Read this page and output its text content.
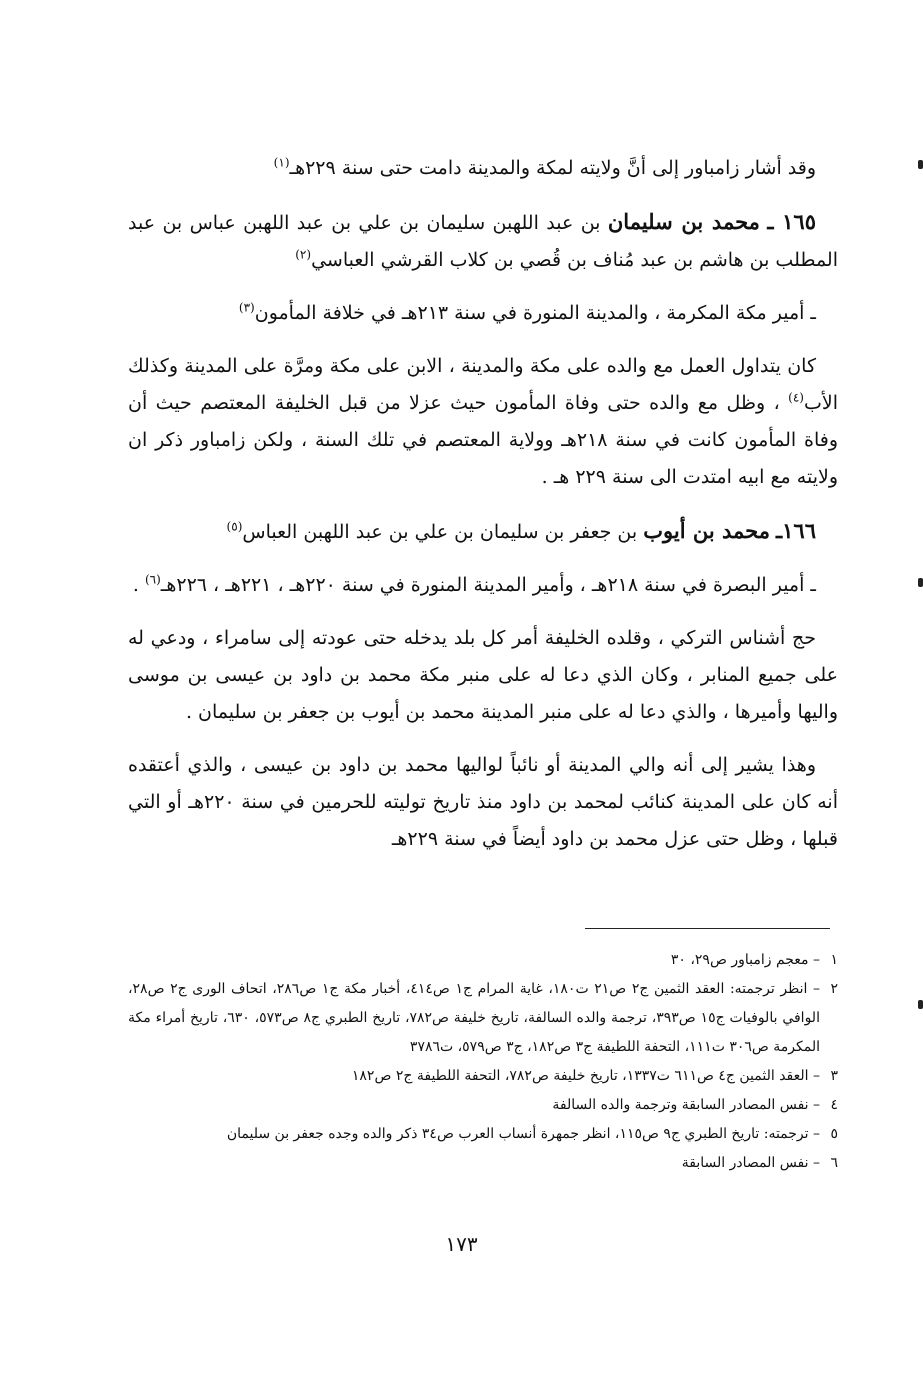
وقد أشار زامباور إلى أنَّ ولايته لمكة والمدينة دامت حتى سنة ٢٢٩هـ$^{(١)}$

١٦٥ ـ محمد بن سليمان بن عبد اللهبن سليمان بن علي بن عبد اللهبن عباس بن عبد المطلب بن هاشم بن عبد مُناف بن قُصي بن كلاب القرشي العباسي$^{(٢)}$

ـ أمير مكة المكرمة ، والمدينة المنورة في سنة ٢١٣هـ في خلافة المأمون$^{(٣)}$

كان يتداول العمل مع والده على مكة والمدينة ، الابن على مكة ومرَّة على المدينة وكذلك الأب$^{(٤)}$ ، وظل مع والده حتى وفاة المأمون حيث عزلا من قبل الخليفة المعتصم حيث أن وفاة المأمون كانت في سنة ٢١٨هـ وولاية المعتصم في تلك السنة ، ولكن زامباور ذكر ان ولايته مع ابيه امتدت الى سنة ٢٢٩ هـ .

١٦٦ـ محمد بن أيوب بن جعفر بن سليمان بن علي بن عبد اللهبن العباس$^{(٥)}$

ـ أمير البصرة في سنة ٢١٨هـ ، وأمير المدينة المنورة في سنة ٢٢٠هـ ، ٢٢١هـ ، ٢٢٦هـ$^{(٦)}$ .

حج أشناس التركي ، وقلده الخليفة أمر كل بلد يدخله حتى عودته إلى سامراء ، ودعي له على جميع المنابر ، وكان الذي دعا له على منبر مكة محمد بن داود بن عيسى بن موسى واليها وأميرها ، والذي دعا له على منبر المدينة محمد بن أيوب بن جعفر بن سليمان .

وهذا يشير إلى أنه والي المدينة أو نائباً لواليها محمد بن داود بن عيسى ، والذي أعتقده أنه كان على المدينة كنائب لمحمد بن داود منذ تاريخ توليته للحرمين في سنة ٢٢٠هـ أو التي قبلها ، وظل حتى عزل محمد بن داود أيضاً في سنة ٢٢٩هـ

١
– معجم زامباور ص٢٩، ٣٠
٢
– انظر ترجمته: العقد الثمين ج٢ ص٢١ ت١٨٠، غاية المرام ج١ ص٤١٤، أخبار مكة ج١ ص٢٨٦، اتحاف الورى ج٢ ص٢٨، الوافي بالوفيات ج١٥ ص٣٩٣، ترجمة والده السالفة، تاريخ خليفة ص٧٨٢، تاريخ الطبري ج٨ ص٥٧٣، ٦٣٠، تاريخ أمراء مكة المكرمة ص٣٠٦ ت١١١، التحفة اللطيفة ج٣ ص١٨٢، ج٣ ص٥٧٩، ت٣٧٨٦
٣
– العقد الثمين ج٤ ص٦١١ ت١٣٣٧، تاريخ خليفة ص٧٨٢، التحفة اللطيفة ج٢ ص١٨٢
٤
– نفس المصادر السابقة وترجمة والده السالفة
٥
– ترجمته: تاريخ الطبري ج٩ ص١١٥، انظر جمهرة أنساب العرب ص٣٤ ذكر والده وجده جعفر بن سليمان
٦
– نفس المصادر السابقة
١٧٣
